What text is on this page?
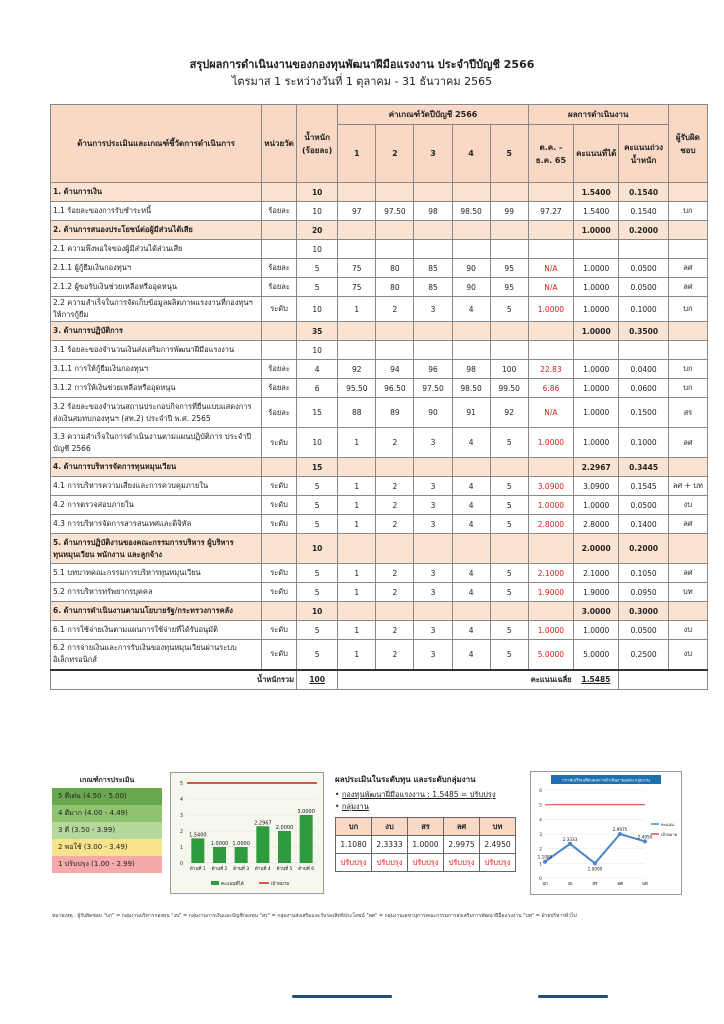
สรุปผลการดำเนินงานของกองทุนพัฒนาฝีมือแรงงาน ประจำปีบัญชี 2566
ไตรมาส 1 ระหว่างวันที่ 1 ตุลาคม - 31 ธันวาคม 2565
ด้านการประเมินและเกณฑ์ชี้วัดการดำเนินการ	หน่วยวัด	น้ำหนัก (ร้อยละ)	ค่าเกณฑ์วัดปีบัญชี 2566					ผลการดำเนินงาน			ผู้รับผิดชอบ
			1	2	3	4	5	ต.ค. - ธ.ค. 65	คะแนนที่ได้	คะแนนถ่วงน้ำหนัก	
1. ด้านการเงิน		10							1.5400	0.1540	
1.1 ร้อยละของการรับชำระหนี้	ร้อยละ	10	97	97.50	98	98.50	99	97.27	1.5400	0.1540	บก
2. ด้านการสนองประโยชน์ต่อผู้มีส่วนได้เสีย		20							1.0000	0.2000	
2.1 ความพึงพอใจของผู้มีส่วนได้ส่วนเสีย		10									
2.1.1 ผู้กู้ยืมเงินกองทุนฯ	ร้อยละ	5	75	80	85	90	95	N/A	1.0000	0.0500	ลศ
2.1.2 ผู้ขอรับเงินช่วยเหลือหรืออุดหนุน	ร้อยละ	5	75	80	85	90	95	N/A	1.0000	0.0500	ลศ
2.2 ความสำเร็จในการจัดเก็บข้อมูลผลิตภาพแรงงานที่กองทุนฯ ให้การกู้ยืม	ระดับ	10	1	2	3	4	5	1.0000	1.0000	0.1000	บก
3. ด้านการปฏิบัติการ		35							1.0000	0.3500	
3.1 ร้อยละของจำนวนเงินส่งเสริมการพัฒนาฝีมือแรงงาน		10									
3.1.1 การให้กู้ยืมเงินกองทุนฯ	ร้อยละ	4	92	94	96	98	100	22.83	1.0000	0.0400	บก
3.1.2 การให้เงินช่วยเหลือหรืออุดหนุน	ร้อยละ	6	95.50	96.50	97.50	98.50	99.50	6.86	1.0000	0.0600	บก
3.2 ร้อยละของจำนวนสถานประกอบกิจการที่ยื่นแบบแสดงการส่งเงินสมทบกองทุนฯ (สท.2) ประจำปี พ.ศ. 2565	ร้อยละ	15	88	89	90	91	92	N/A	1.0000	0.1500	สร
3.3 ความสำเร็จในการดำเนินงานตามแผนปฏิบัติการ ประจำปีบัญชี 2566	ระดับ	10	1	2	3	4	5	1.0000	1.0000	0.1000	ลศ
4. ด้านการบริหารจัดการทุนหมุนเวียน		15							2.2967	0.3445	
4.1 การบริหารความเสี่ยงและการควบคุมภายใน	ระดับ	5	1	2	3	4	5	3.0900	3.0900	0.1545	ลศ + บท
4.2 การตรวจสอบภายใน	ระดับ	5	1	2	3	4	5	1.0000	1.0000	0.0500	งบ
4.3 การบริหารจัดการสารสนเทศและดิจิทัล	ระดับ	5	1	2	3	4	5	2.8000	2.8000	0.1400	ลศ
5. ด้านการปฏิบัติงานของคณะกรรมการบริหาร ผู้บริหารทุนหมุนเวียน พนักงาน และลูกจ้าง		10							2.0000	0.2000	
5.1 บทบาทคณะกรรมการบริหารทุนหมุนเวียน	ระดับ	5	1	2	3	4	5	2.1000	2.1000	0.1050	ลศ
5.2 การบริหารทรัพยากรบุคคล	ระดับ	5	1	2	3	4	5	1.9000	1.9000	0.0950	บท
6. ด้านการดำเนินงานตามนโยบายรัฐ/กระทรวงการคลัง		10							3.0000	0.3000	
6.1 การใช้จ่ายเงินตามแผนการใช้จ่ายที่ได้รับอนุมัติ	ระดับ	5	1	2	3	4	5	1.0000	1.0000	0.0500	งบ
6.2 การจ่ายเงินและการรับเงินของทุนหมุนเวียนผ่านระบบอิเล็กทรอนิกส์	ระดับ	5	1	2	3	4	5	5.0000	5.0000	0.2500	งบ
น้ำหนักรวม		100	คะแนนเฉลี่ย						1.5485		
เกณฑ์การประเมิน
5 ดีเด่น (4.50 - 5.00)
4 ดีมาก (4.00 - 4.49)
3 ดี (3.50 - 3.99)
2 พอใช้ (3.00 - 3.49)
1 ปรับปรุง (1.00 - 2.99)	0
1
2
3
4
5
1.5400
ด้านที่ 1
1.0000
ด้านที่ 2
1.0000
ด้านที่ 3
2.2967
ด้านที่ 4
2.0000
ด้านที่ 5
3.0000
ด้านที่ 6
คะแนนที่ได้	เป้าหมาย
ผลประเมินในระดับทุน และระดับกลุ่มงาน
• กองทุนพัฒนาฝีมือแรงงาน : 1.5485 = ปรับปรุง
• กลุ่มงาน
บก	งบ	สร	ลศ	บท
1.1080	2.3333	1.0000	2.9975	2.4950
ปรับปรุง	ปรับปรุง	ปรับปรุง	ปรับปรุง	ปรับปรุง
กราฟเปรียบเทียบผลการดำเนินงานแต่ละกลุ่มงาน
0
1
2
3
4
5
6
1.1080
บก
2.3333
งบ
1.0000
สร
2.9975
ลศ
2.4950
บท
คะแนน
เป้าหมาย
หมายเหตุ : ผู้รับผิดชอบ "บก" = กลุ่มงานบริหารกองทุน "งบ" = กลุ่มงานการเงินและบัญชีกองทุน "สร" = กลุ่มงานส่งเสริมและรับรองสิทธิประโยชน์ "ลศ" = กลุ่มงานเลขานุการคณะกรรมการส่งเสริมการพัฒนาฝีมือแรงงาน "บท" = ฝ่ายบริหารทั่วไป
